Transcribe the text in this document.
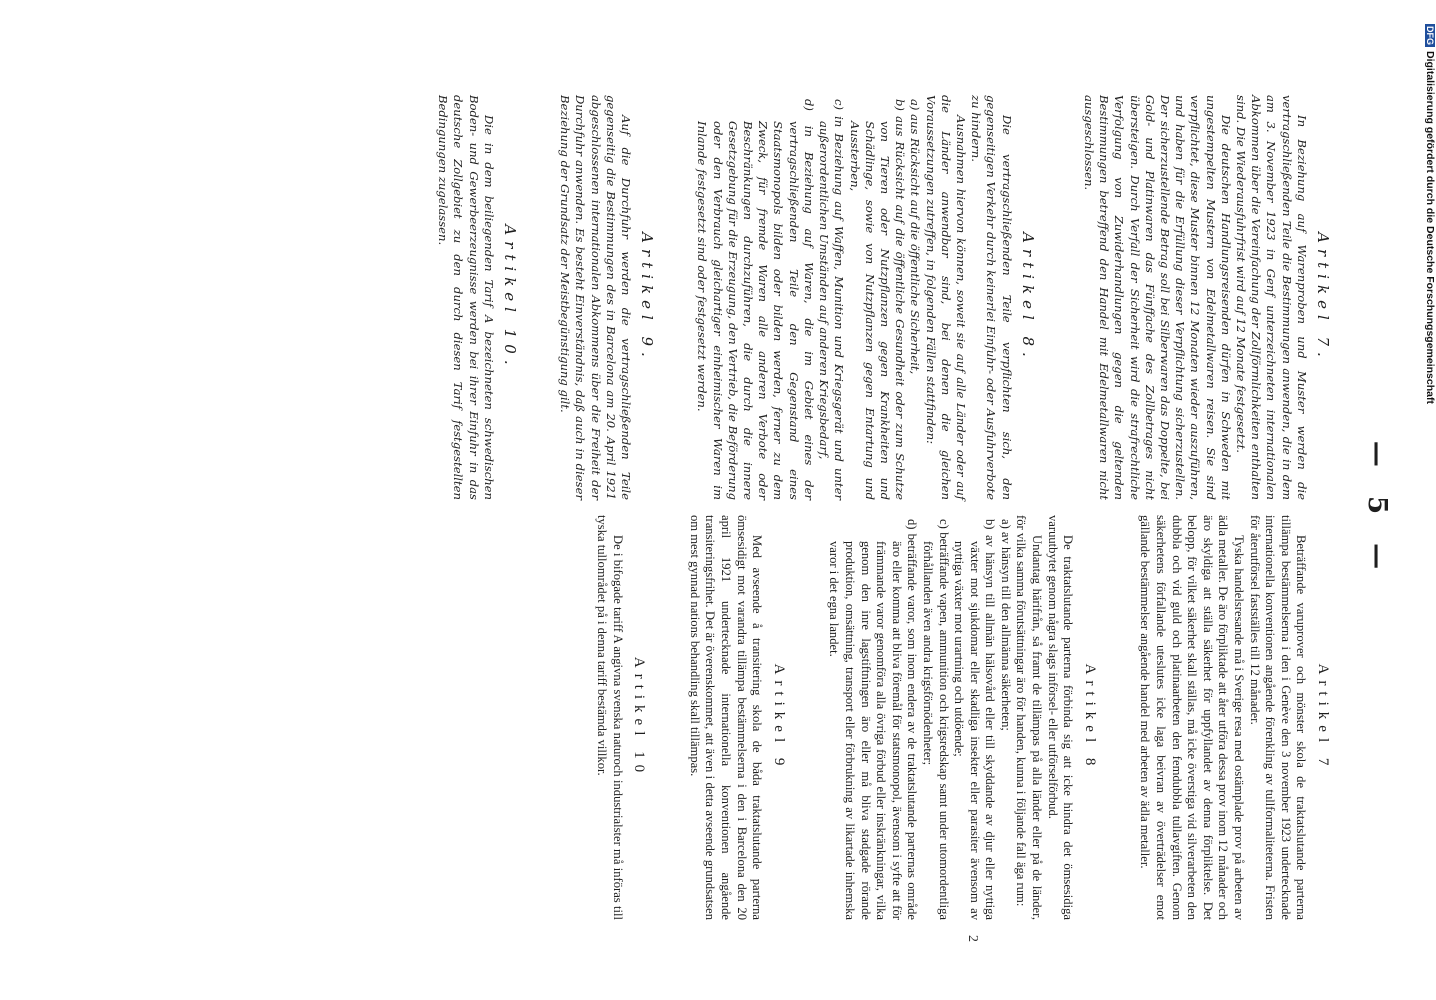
— 5 —
Artikel 7.

In Beziehung auf Warenproben und Muster werden die vertragschließenden Teile die Bestimmungen anwenden, die in dem am 3. November 1923 in Genf unterzeichneten internationalen Abkommen über die Vereinfachung der Zollförmlichkeiten enthalten sind. Die Wiederausfuhrfrist wird auf 12 Monate festgesetzt.

Die deutschen Handlungsreisenden dürfen in Schweden mit ungestempelten Mustern von Edelmetallwaren reisen. Sie sind verpflichtet, diese Muster binnen 12 Monaten wieder auszuführen, und haben für die Erfüllung dieser Verpflichtung sicherzustellen. Der sicherzustellende Betrag soll bei Silberwaren das Doppelte, bei Gold- und Platinwaren das Fünffache des Zollbetrages nicht übersteigen. Durch Verfall der Sicherheit wird die strafrechtliche Verfolgung von Zuwiderhandlungen gegen die geltenden Bestimmungen betreffend den Handel mit Edelmetallwaren nicht ausgeschlossen.

Artikel 8.

Die vertragschließenden Teile verpflichten sich, den gegenseitigen Verkehr durch keinerlei Einfuhr- oder Ausfuhrverbote zu hindern.

Ausnahmen hiervon können, soweit sie auf alle Länder oder auf die Länder anwendbar sind, bei denen die gleichen Voraussetzungen zutreffen, in folgenden Fällen stattfinden:

a) aus Rücksicht auf die öffentliche Sicherheit,

b) aus Rücksicht auf die öffentliche Gesundheit oder zum Schutze von Tieren oder Nutzpflanzen gegen Krankheiten und Schädlinge, sowie von Nutzpflanzen gegen Entartung und Aussterben,

c) in Beziehung auf Waffen, Munition und Kriegsgerät und unter außerordentlichen Umständen auf anderen Kriegsbedarf,

d) in Beziehung auf Waren, die im Gebiet eines der vertragschließenden Teile den Gegenstand eines Staatsmonopols bilden oder bilden werden, ferner zu dem Zweck, für fremde Waren alle anderen Verbote oder Beschränkungen durchzuführen, die durch die innere Gesetzgebung für die Erzeugung, den Vertrieb, die Beförderung oder den Verbrauch gleichartiger einheimischer Waren im Inlande festgesetzt sind oder festgesetzt werden.

Artikel 9.

Auf die Durchfuhr werden die vertragschließenden Teile gegenseitig die Bestimmungen des in Barcelona am 20. April 1921 abgeschlossenen internationalen Abkommens über die Freiheit der Durchfuhr anwenden. Es besteht Einverständnis, daß auch in dieser Beziehung der Grundsatz der Meistbegünstigung gilt.

Artikel 10.

Die in dem beiliegenden Tarif A bezeichneten schwedischen Boden- und Gewerbeerzeugnisse werden bei ihrer Einfuhr in das deutsche Zollgebiet zu den durch diesen Tarif festgestellten Bedingungen zugelassen.

Artikel 7

Beträffande varuprover och mönster skola de traktatslutande parterna tillämpa bestämmelserna i den i Genève den 3 november 1923 undertecknade internationella konventionen angående förenkling av tullformaliteterna. Fristen för återutförsel fastställes till 12 månader.

Tyska handelsresande må i Sverige resa med ostämplade prov på arbeten av ädla metaller. De äro förpliktade att åter utföra dessa prov inom 12 månader och äro skyldiga att ställa säkerhet för uppfyllandet av denna förpliktelse. Det belopp, för vilket säkerhet skall ställas, må icke överstiga vid silverarbeten den dubbla och vid guld och platinaarbeten den femdubbla tullavgiften. Genom säkerhetens förfallande uteslutes icke laga beivran av överträdelser emot gällande bestämmelser angående handel med arbeten av ädla metaller.

Artikel 8

De traktatslutande parterna förbinda sig att icke hindra det ömsesidiga varuutbytet genom några slags införsel- eller utförselförbud.

Undantag härifrån, så framt de tillämpas på alla länder eller på de länder, för vilka samma förutsättningar äro för handen, kunna i följande fall äga rum:

a) av hänsyn till den allmänna säkerheten;

b) av hänsyn till allmän hälsovård eller till skyddande av djur eller nyttiga växter mot sjukdomar eller skadliga insekter eller parasiter ävensom av nyttiga växter mot urartning och utdöende;

c) beträffande vapen, ammunition och krigsredskap samt under utomordentliga förhållanden även andra krigsförnödenheter;

d) beträffande varor, som inom endera av de traktatslutande parternas område äro eller komma att bliva föremål för statsmonopol, ävensom i syfte att för främmande varor genomföra alla övriga förbud eller inskränkningar, vilka genom den inre lagstiftningen äro eller må bliva stadgade rörande produktion, omsättning, transport eller förbrukning av likartade inhemska varor i det egna landet.

Artikel 9

Med avseende å transitering skola de båda traktatslutande parterna ömsesidigt mot varandra tillämpa bestämmelserna i den i Barcelona den 20 april 1921 undertecknade internationella konventionen angående transiteringsfrihet. Det är överenskommet, att även i detta avseende grundsatsen om mest gynnad nations behandling skall tillämpas.

Artikel 10

De i bifogade tariff A angivna svenska naturoch industrialster må införas till tyska tullområdet på i denna tariff bestämda villkor.

2
DFGDigitalisierung gefördert durch die Deutsche Forschungsgemeinschaft
